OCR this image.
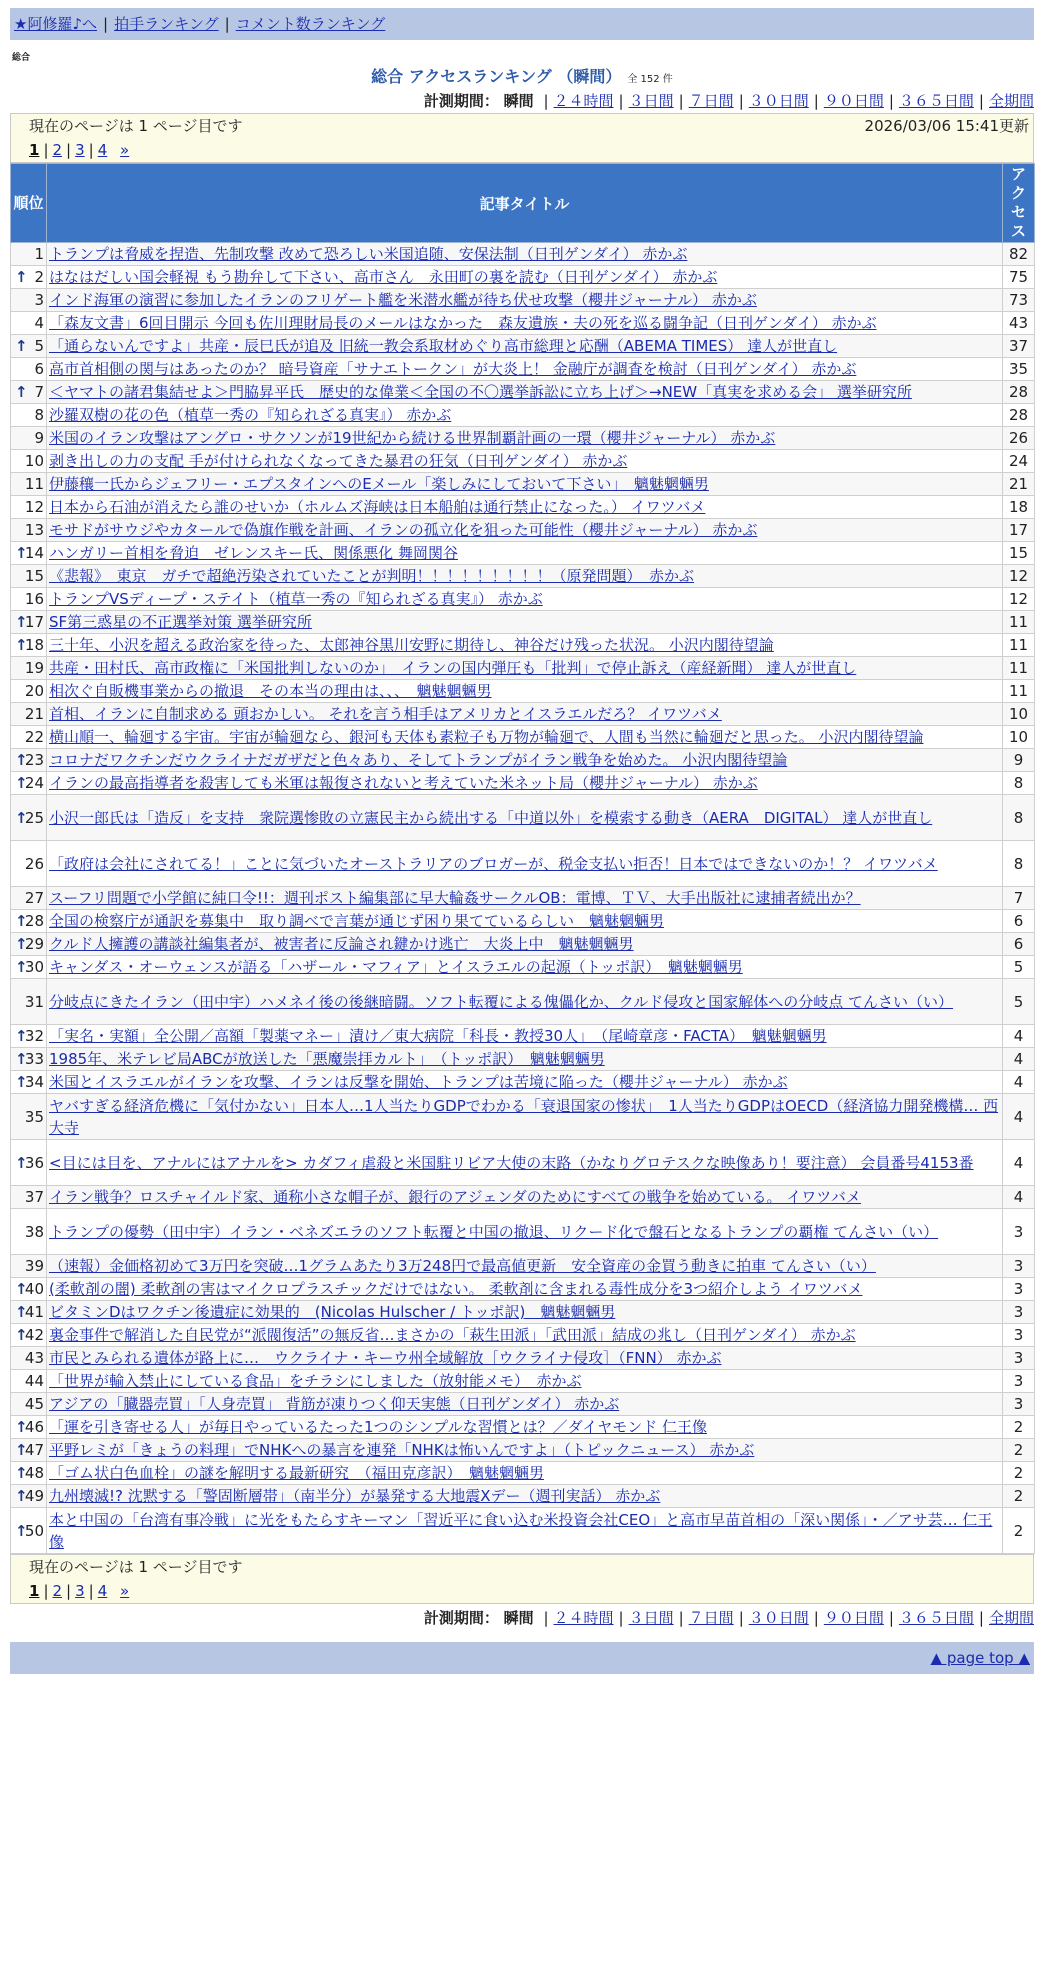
★阿修羅♪へ | 拍手ランキング | コメント数ランキング
総合
総合 アクセスランキング （瞬間） 全 152 件
計測期間： 瞬間 | ２４時間 | ３日間 | ７日間 | ３０日間 | ９０日間 | ３６５日間 | 全期間
現在のページは 1 ページ目です	2026/03/06 15:41更新
1 | 2 | 3 | 4 »
順位	記事タイトル	アクセス
1	トランプは脅威を捏造、先制攻撃 改めて恐ろしい米国追随、安保法制（日刊ゲンダイ） 赤かぶ	82

↑ 2	はなはだしい国会軽視 もう勘弁して下さい、高市さん　永田町の裏を読む（日刊ゲンダイ） 赤かぶ	75
3	インド海軍の演習に参加したイランのフリゲート艦を米潜水艦が待ち伏せ攻撃（櫻井ジャーナル） 赤かぶ	73
4	「森友文書」6回目開示 今回も佐川理財局長のメールはなかった　森友遺族・夫の死を巡る闘争記（日刊ゲンダイ） 赤かぶ	43

↑ 5	「通らないんですよ」共産・辰巳氏が追及 旧統一教会系取材めぐり高市総理と応酬（ABEMA TIMES） 達人が世直し	37
6	高市首相側の関与はあったのか？ 暗号資産「サナエトークン」が大炎上！ 金融庁が調査を検討（日刊ゲンダイ） 赤かぶ	35

↑ 7	＜ヤマトの諸君集結せよ＞門脇昇平氏　歴史的な偉業＜全国の不〇選挙訴訟に立ち上げ＞→NEW「真実を求める会」 選挙研究所	28
8	沙羅双樹の花の色（植草一秀の『知られざる真実』） 赤かぶ	28
9	米国のイラン攻撃はアングロ・サクソンが19世紀から続ける世界制覇計画の一環（櫻井ジャーナル） 赤かぶ	26
10	剥き出しの力の支配 手が付けられなくなってきた暴君の狂気（日刊ゲンダイ） 赤かぶ	24
11	伊藤穰一氏からジェフリー・エプスタインへのEメール「楽しみにしておいて下さい」　魑魅魍魎男	21
12	日本から石油が消えたら誰のせいか（ホルムズ海峡は日本船舶は通行禁止になった。） イワツバメ	18
13	モサドがサウジやカタールで偽旗作戦を計画、イランの孤立化を狙った可能性（櫻井ジャーナル） 赤かぶ	17

↑
14	ハンガリー首相を脅迫　ゼレンスキー氏、関係悪化 舞岡関谷	15
15	《悲報》　東京　ガチで超絶汚染されていたことが判明！！！！！！！！！（原発問題）　赤かぶ	12
16	トランプVSディープ・ステイト（植草一秀の『知られざる真実』） 赤かぶ	12

↑
17	SF第三惑星の不正選挙対策 選挙研究所	11

↑
18	三十年、小沢を超える政治家を待った、太郎神谷黒川安野に期待し、神谷だけ残った状況。 小沢内閣待望論	11
19	共産・田村氏、高市政権に「米国批判しないのか」　イランの国内弾圧も「批判」で停止訴え（産経新聞） 達人が世直し	11
20	相次ぐ自販機事業からの撤退　その本当の理由は、、、　魑魅魍魎男	11
21	首相、イランに自制求める 頭おかしい。 それを言う相手はアメリカとイスラエルだろ？ イワツバメ	10
22	横山順一、輪廻する宇宙。宇宙が輪廻なら、銀河も天体も素粒子も万物が輪廻で、人間も当然に輪廻だと思った。 小沢内閣待望論	10

↑
23	コロナだワクチンだウクライナだガザだと色々あり、そしてトランプがイラン戦争を始めた。 小沢内閣待望論	9

↑
24	イランの最高指導者を殺害しても米軍は報復されないと考えていた米ネット局（櫻井ジャーナル） 赤かぶ	8

↑
25	小沢一郎氏は「造反」を支持　衆院選惨敗の立憲民主から続出する「中道以外」を模索する動き（AERA　DIGITAL） 達人が世直し	8
26	「政府は会社にされてる！」ことに気づいたオーストラリアのブロガーが、税金支払い拒否！日本ではできないのか！？ イワツバメ	8
27	スーフリ問題で小学館に純口令!!：週刊ポスト編集部に早大輪姦サークルOB：電博、ＴＶ、大手出版社に逮捕者続出か？	7

↑
28	全国の検察庁が通訳を募集中　取り調べで言葉が通じず困り果てているらしい　魑魅魍魎男	6

↑
29	クルド人擁護の講談社編集者が、被害者に反論され鍵かけ逃亡　大炎上中　魑魅魍魎男	6

↑
30	キャンダス・オーウェンスが語る「ハザール・マフィア」とイスラエルの起源（トッポ訳）　魑魅魍魎男	5
31	分岐点にきたイラン（田中宇）ハメネイ後の後継暗闘。ソフト転覆による傀儡化か、クルド侵攻と国家解体への分岐点 てんさい（い）	5

↑
32	「実名・実額」全公開／高額「製薬マネー」漬け／東大病院「科長・教授30人」　（尾崎章彦・FACTA）　魑魅魍魎男	4

↑
33	1985年、米テレビ局ABCが放送した「悪魔崇拝カルト」　（トッポ訳）　魑魅魍魎男	4

↑
34	米国とイスラエルがイランを攻撃、イランは反撃を開始、トランプは苦境に陥った（櫻井ジャーナル） 赤かぶ	4
35	ヤバすぎる経済危機に「気付かない」日本人…1人当たりGDPでわかる「衰退国家の惨状」　1人当たりGDPはOECD（経済協力開発機構… 西大寺	4

↑
36	<目には目を、アナルにはアナルを> カダフィ虐殺と米国駐リビア大使の末路（かなりグロテスクな映像あり！要注意） 会員番号4153番	4
37	イラン戦争？ロスチャイルド家、通称小さな帽子が、銀行のアジェンダのためにすべての戦争を始めている。 イワツバメ	4
38	トランプの優勢（田中宇）イラン・ベネズエラのソフト転覆と中国の撤退、リクード化で盤石となるトランプの覇権 てんさい（い）	3
39	（速報）金価格初めて3万円を突破…1グラムあたり3万248円で最高値更新　安全資産の金買う動きに拍車 てんさい（い）	3

↑
40	(柔軟剤の闇) 柔軟剤の害はマイクロプラスチックだけではない。 柔軟剤に含まれる毒性成分を3つ紹介しよう イワツバメ	3

↑
41	ビタミンDはワクチン後遺症に効果的　(Nicolas Hulscher / トッポ訳)　魑魅魍魎男	3

↑
42	裏金事件で解消した自民党が“派閥復活”の無反省…まさかの「萩生田派」「武田派」結成の兆し（日刊ゲンダイ） 赤かぶ	3
43	市民とみられる遺体が路上に…　ウクライナ・キーウ州全域解放［ウクライナ侵攻］（FNN） 赤かぶ	3
44	「世界が輸入禁止にしている食品」をチラシにしました（放射能メモ）　赤かぶ	3
45	アジアの「臓器売買」「人身売買」 背筋が凍りつく仰天実態（日刊ゲンダイ） 赤かぶ	3

↑
46	「運を引き寄せる人」が毎日やっているたった1つのシンプルな習慣とは？／ダイヤモンド 仁王像	2

↑
47	平野レミが「きょうの料理」でNHKへの暴言を連発「NHKは怖いんですよ」（トピックニュース） 赤かぶ	2

↑
48	「ゴム状白色血栓」の謎を解明する最新研究　（福田克彦訳）　魑魅魍魎男	2

↑
49	九州壊滅!? 沈黙する「警固断層帯」（南半分）が暴発する大地震Xデー（週刊実話） 赤かぶ	2

↑
50	本と中国の「台湾有事冷戦」に光をもたらすキーマン「習近平に食い込む米投資会社CEO」と高市早苗首相の「深い関係」・／アサ芸… 仁王像	2
現在のページは 1 ページ目です
1 | 2 | 3 | 4 »
計測期間： 瞬間 | ２４時間 | ３日間 | ７日間 | ３０日間 | ９０日間 | ３６５日間 | 全期間
▲ page top ▲
